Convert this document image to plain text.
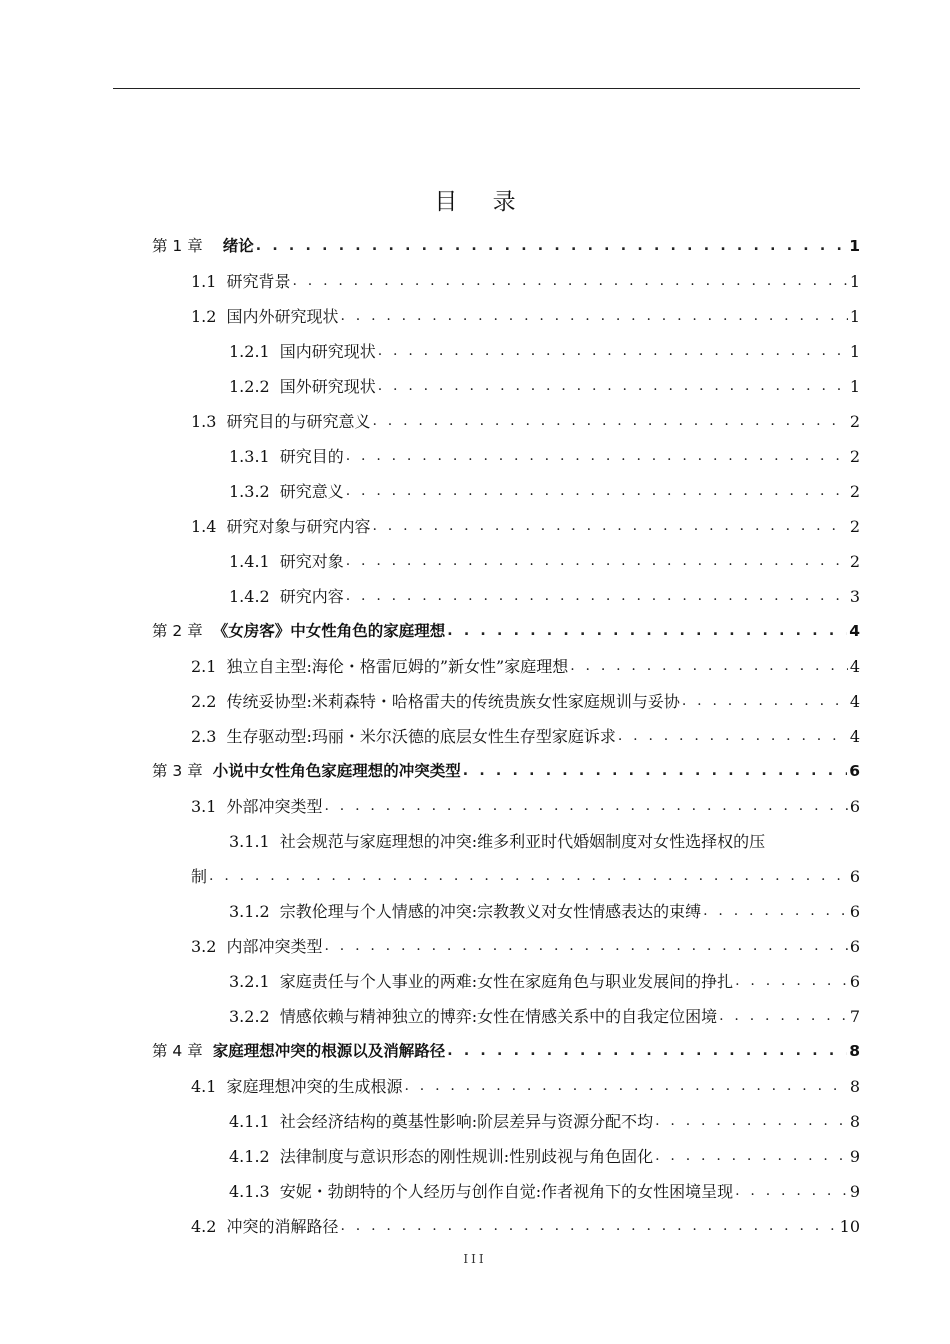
目 录
第 1 章 绪论 . . .	1
1.1 研究背景 . . .	1
1.2 国内外研究现状 . . .	1
1.2.1 国内研究现状 . . .	1
1.2.2 国外研究现状 . . .	1
1.3 研究目的与研究意义 . . .	2
1.3.1 研究目的 . . .	2
1.3.2 研究意义 . . .	2
1.4 研究对象与研究内容 . . .	2
1.4.1 研究对象 . . .	2
1.4.2 研究内容 . . .	3
第 2 章 《女房客》中女性角色的家庭理想 . . .	4
2.1 独立自主型:海伦・格雷厄姆的”新女性”家庭理想 . . .	4
2.2 传统妥协型:米莉森特・哈格雷夫的传统贵族女性家庭规训与妥协 . . .	4
2.3 生存驱动型:玛丽・米尔沃德的底层女性生存型家庭诉求 . . .	4
第 3 章 小说中女性角色家庭理想的冲突类型 . . .	6
3.1 外部冲突类型 . . .	6
3.1.1 社会规范与家庭理想的冲突:维多利亚时代婚姻制度对女性选择权的压
制 . . .	6
3.1.2 宗教伦理与个人情感的冲突:宗教教义对女性情感表达的束缚 . . .	6
3.2 内部冲突类型 . . .	6
3.2.1 家庭责任与个人事业的两难:女性在家庭角色与职业发展间的挣扎 . . .	6
3.2.2 情感依赖与精神独立的博弈:女性在情感关系中的自我定位困境 . . .	7
第 4 章 家庭理想冲突的根源以及消解路径 . . .	8
4.1 家庭理想冲突的生成根源 . . .	8
4.1.1 社会经济结构的奠基性影响:阶层差异与资源分配不均 . . .	8
4.1.2 法律制度与意识形态的刚性规训:性别歧视与角色固化 . . .	9
4.1.3 安妮・勃朗特的个人经历与创作自觉:作者视角下的女性困境呈现 . . .	9
4.2 冲突的消解路径 . . .	10
III
